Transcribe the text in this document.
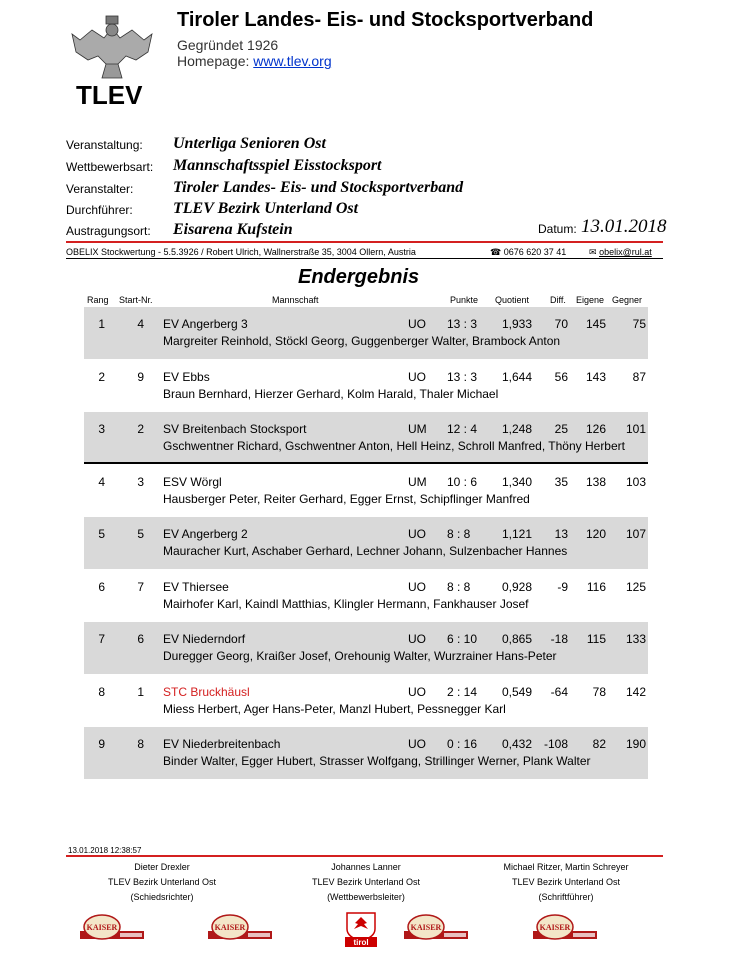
TLEV
Tiroler Landes- Eis- und Stocksportverband
Gegründet 1926
Homepage: www.tlev.org
Veranstaltung: Unterliga Senioren Ost
Wettbewerbsart: Mannschaftsspiel Eisstocksport
Veranstalter: Tiroler Landes- Eis- und Stocksportverband
Durchführer:	TLEV Bezirk Unterland Ost
Austragungsort: Eisarena Kufstein	Datum: 13.01.2018
OBELIX Stockwertung - 5.5.3926 / Robert Ulrich, Wallnerstraße 35, 3004 Ollern, Austria	☎ 0676 620 37 41	✉ obelix@rul.at
Endergebnis
Rang Start-Nr.	Mannschaft	Punkte Quotient Diff. Eigene Gegner
1	4 EV Angerberg 3	UO	13 : 3	1,933	70	145	75
Margreiter Reinhold, Stöckl Georg, Guggenberger Walter, Brambock Anton
2	9 EV Ebbs	UO	13 : 3	1,644	56	143	87
Braun Bernhard, Hierzer Gerhard, Kolm Harald, Thaler Michael
3	2 SV Breitenbach Stocksport	UM	12 : 4	1,248	25	126	101
Gschwentner Richard, Gschwentner Anton, Hell Heinz, Schroll Manfred, Thöny Herbert
4	3 ESV Wörgl	UM	10 : 6	1,340	35	138	103
Hausberger Peter, Reiter Gerhard, Egger Ernst, Schipflinger Manfred
5	5 EV Angerberg 2	UO	8 : 8	1,121	13	120	107
Mauracher Kurt, Aschaber Gerhard, Lechner Johann, Sulzenbacher Hannes
6	7 EV Thiersee	UO	8 : 8	0,928	-9	116	125
Mairhofer Karl, Kaindl Matthias, Klingler Hermann, Fankhauser Josef
7	6 EV Niederndorf	UO	6 : 10	0,865	-18	115	133
Duregger Georg, Kraißer Josef, Orehounig Walter, Wurzrainer Hans-Peter
8	1 STC Bruckhäusl	UO	2 : 14	0,549	-64	78	142
Miess Herbert, Ager Hans-Peter, Manzl Hubert, Pessnegger Karl
9	8 EV Niederbreitenbach	UO	0 : 16	0,432 -108	82	190
Binder Walter, Egger Hubert, Strasser Wolfgang, Strillinger Werner, Plank Walter
13.01.2018 12:38:57
Dieter Drexler
TLEV Bezirk Unterland Ost
(Schiedsrichter)
Johannes Lanner
TLEV Bezirk Unterland Ost
(Wettbewerbsleiter)
Michael Ritzer, Martin Schreyer
TLEV Bezirk Unterland Ost
(Schriftführer)
KAISER	KAISER	KAISER	KAISER
tirol
